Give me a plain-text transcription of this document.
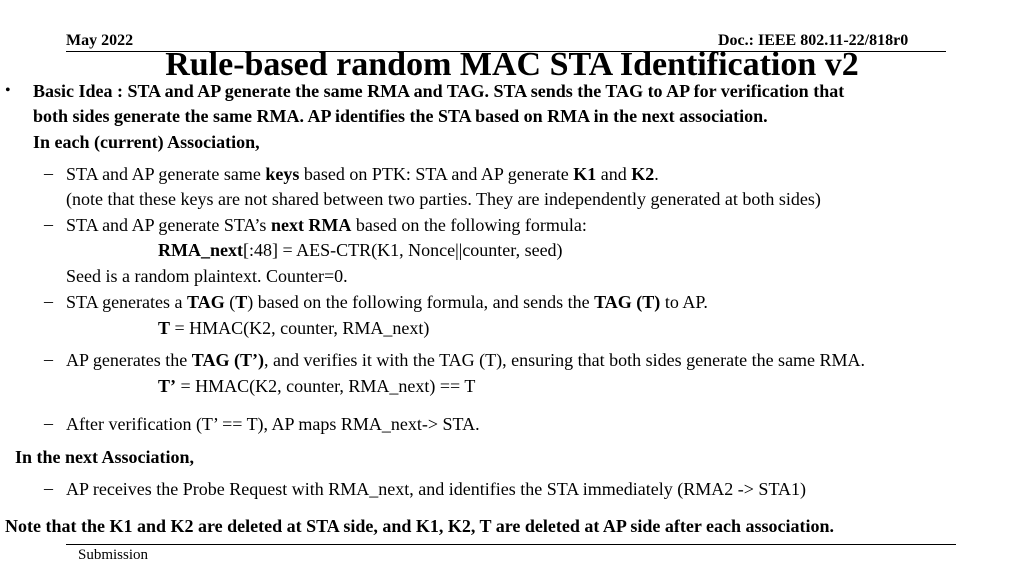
May 2022	Doc.: IEEE 802.11-22/818r0
Rule-based random MAC STA Identification v2
• Basic Idea : STA and AP generate the same RMA and TAG. STA sends the TAG to AP for verification that
both sides generate the same RMA. AP identifies the STA based on RMA in the next association.
In each (current) Association,
– STA and AP generate same keys based on PTK: STA and AP generate K1 and K2.
(note that these keys are not shared between two parties. They are independently generated at both sides)
– STA and AP generate STA’s next RMA based on the following formula:
RMA_next[:48] = AES-CTR(K1, Nonce||counter, seed)
Seed is a random plaintext. Counter=0.
– STA generates a TAG (T) based on the following formula, and sends the TAG (T) to AP.
T = HMAC(K2, counter, RMA_next)
– AP generates the TAG (T’), and verifies it with the TAG (T), ensuring that both sides generate the same RMA.
T’ = HMAC(K2, counter, RMA_next) == T
– After verification (T’ == T), AP maps RMA_next-> STA.
In the next Association,
– AP receives the Probe Request with RMA_next, and identifies the STA immediately (RMA2 -> STA1)
Note that the K1 and K2 are deleted at STA side, and K1, K2, T are deleted at AP side after each association.
Submission
